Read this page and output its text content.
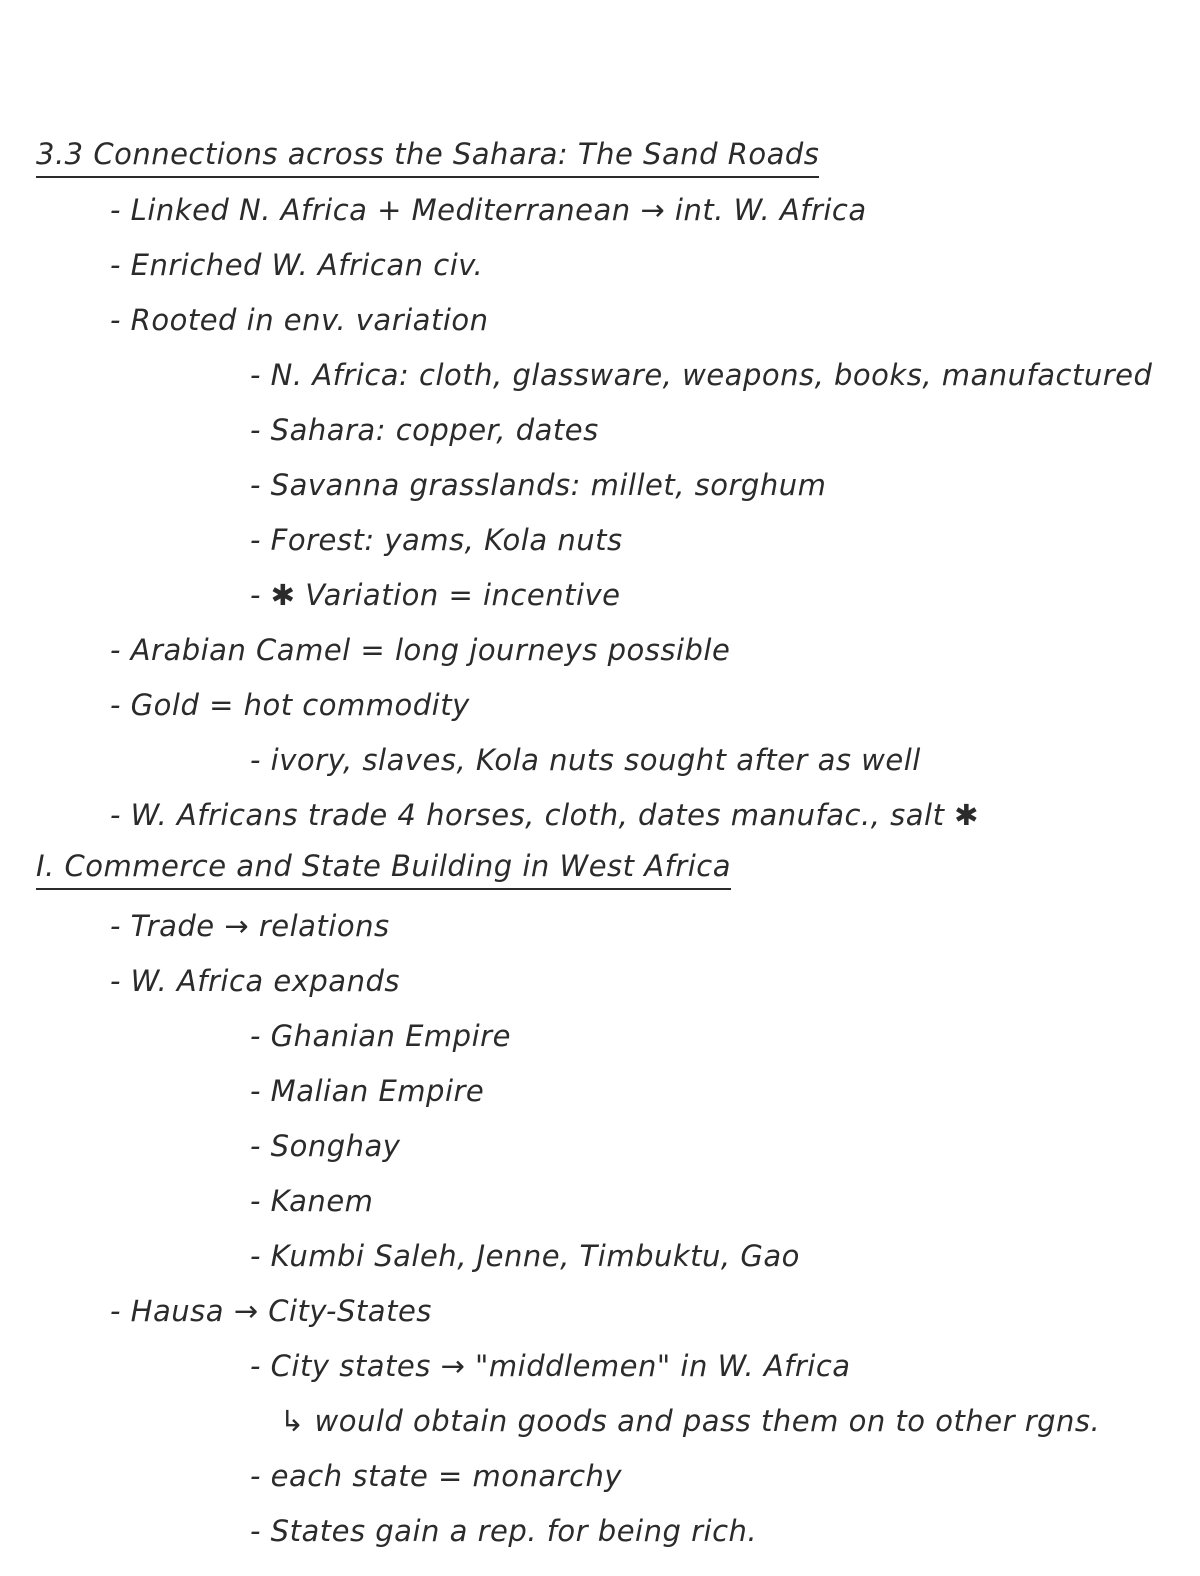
3.3 Connections across the Sahara: The Sand Roads
- Linked N. Africa + Mediterranean → int. W. Africa
- Enriched W. African civ.
- Rooted in env. variation
- N. Africa: cloth, glassware, weapons, books, manufactured
- Sahara: copper, dates
- Savanna grasslands: millet, sorghum
- Forest: yams, Kola nuts
- ✱ Variation = incentive
- Arabian Camel = long journeys possible
- Gold = hot commodity
- ivory, slaves, Kola nuts sought after as well
- W. Africans trade 4 horses, cloth, dates manufac., salt ✱
I. Commerce and State Building in West Africa
- Trade → relations
- W. Africa expands
- Ghanian Empire
- Malian Empire
- Songhay
- Kanem
- Kumbi Saleh, Jenne, Timbuktu, Gao
- Hausa → City-States
- City states → "middlemen" in W. Africa
↳ would obtain goods and pass them on to other rgns.
- each state = monarchy
- States gain a rep. for being rich.
